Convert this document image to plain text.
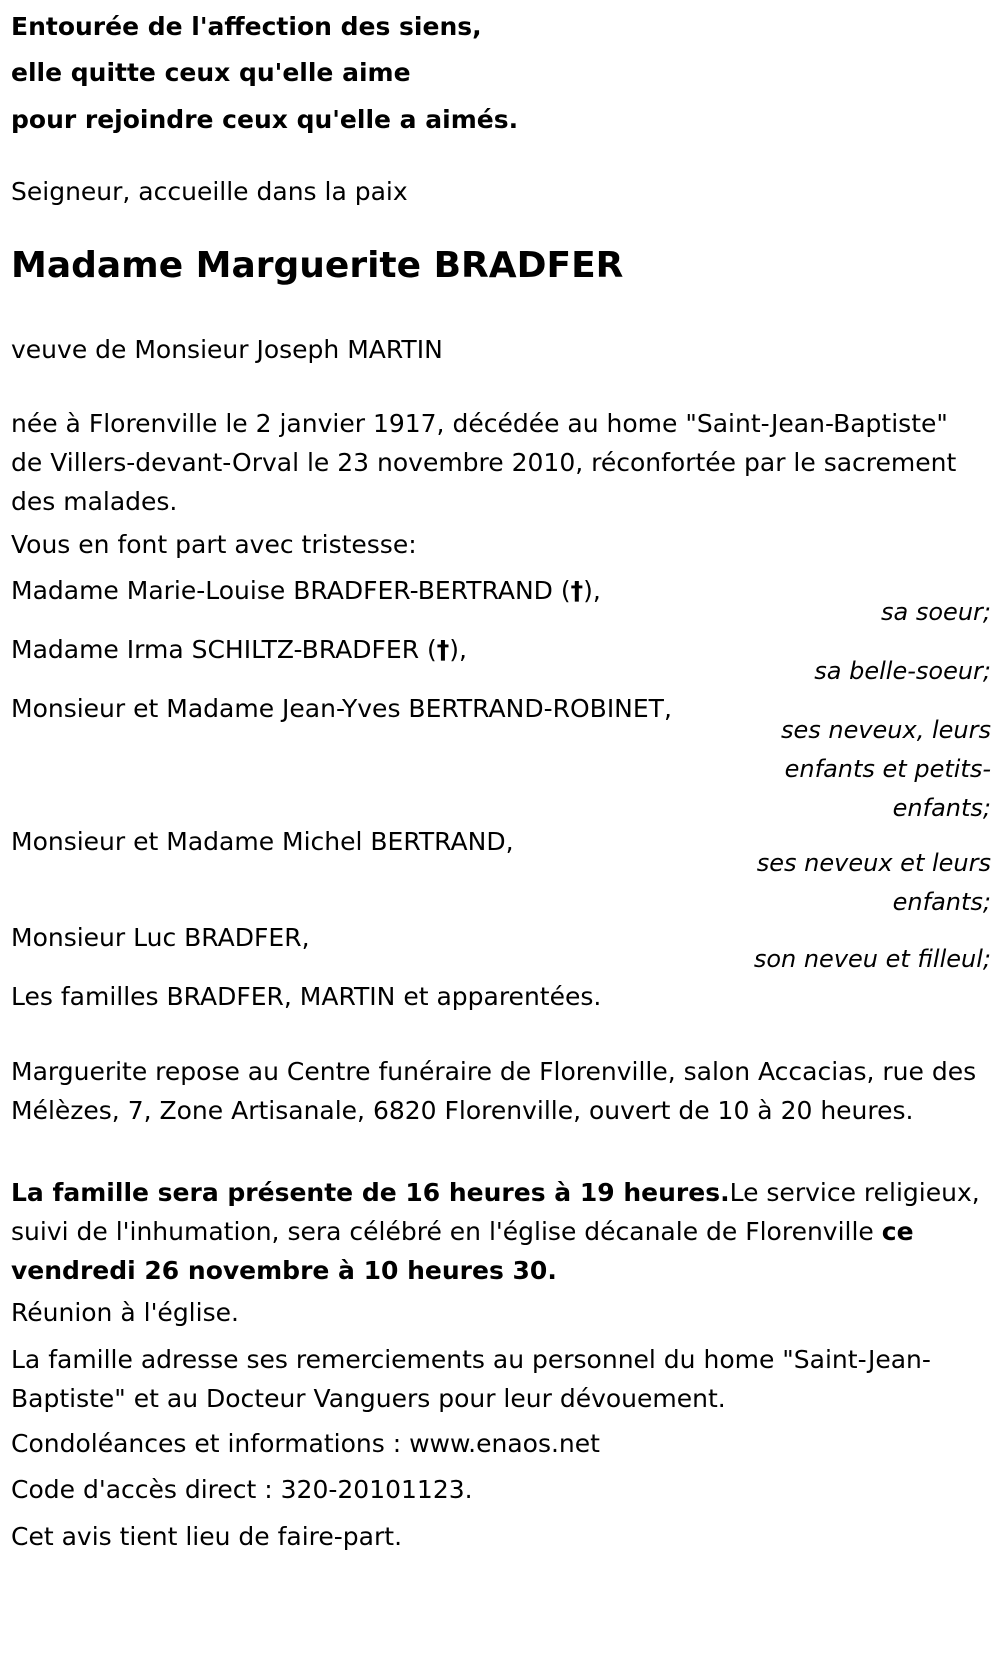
Entourée de l'affection des siens,

elle quitte ceux qu'elle aime

pour rejoindre ceux qu'elle a aimés.

Seigneur, accueille dans la paix

Madame Marguerite BRADFER

veuve de Monsieur Joseph MARTIN

née à Florenville le 2 janvier 1917, décédée au home "Saint-Jean-Baptiste" de Villers-devant-Orval le 23 novembre 2010, réconfortée par le sacrement des malades.

Vous en font part avec tristesse:

Madame Marie-Louise BRADFER-BERTRAND (†),

sa soeur;

Madame Irma SCHILTZ-BRADFER (†),

sa belle-soeur;

Monsieur et Madame Jean-Yves BERTRAND-ROBINET,

ses neveux, leurs enfants et petits-enfants;

Monsieur et Madame Michel BERTRAND,

ses neveux et leurs enfants;

Monsieur Luc BRADFER,

son neveu et filleul;

Les familles BRADFER, MARTIN et apparentées.

Marguerite repose au Centre funéraire de Florenville, salon Accacias, rue des Mélèzes, 7, Zone Artisanale, 6820 Florenville, ouvert de 10 à 20 heures.

La famille sera présente de 16 heures à 19 heures.Le service religieux, suivi de l'inhumation, sera célébré en l'église décanale de Florenville ce vendredi 26 novembre à 10 heures 30.

Réunion à l'église.

La famille adresse ses remerciements au personnel du home "Saint-Jean-Baptiste" et au Docteur Vanguers pour leur dévouement.

Condoléances et informations : www.enaos.net

Code d'accès direct : 320-20101123.

Cet avis tient lieu de faire-part.
